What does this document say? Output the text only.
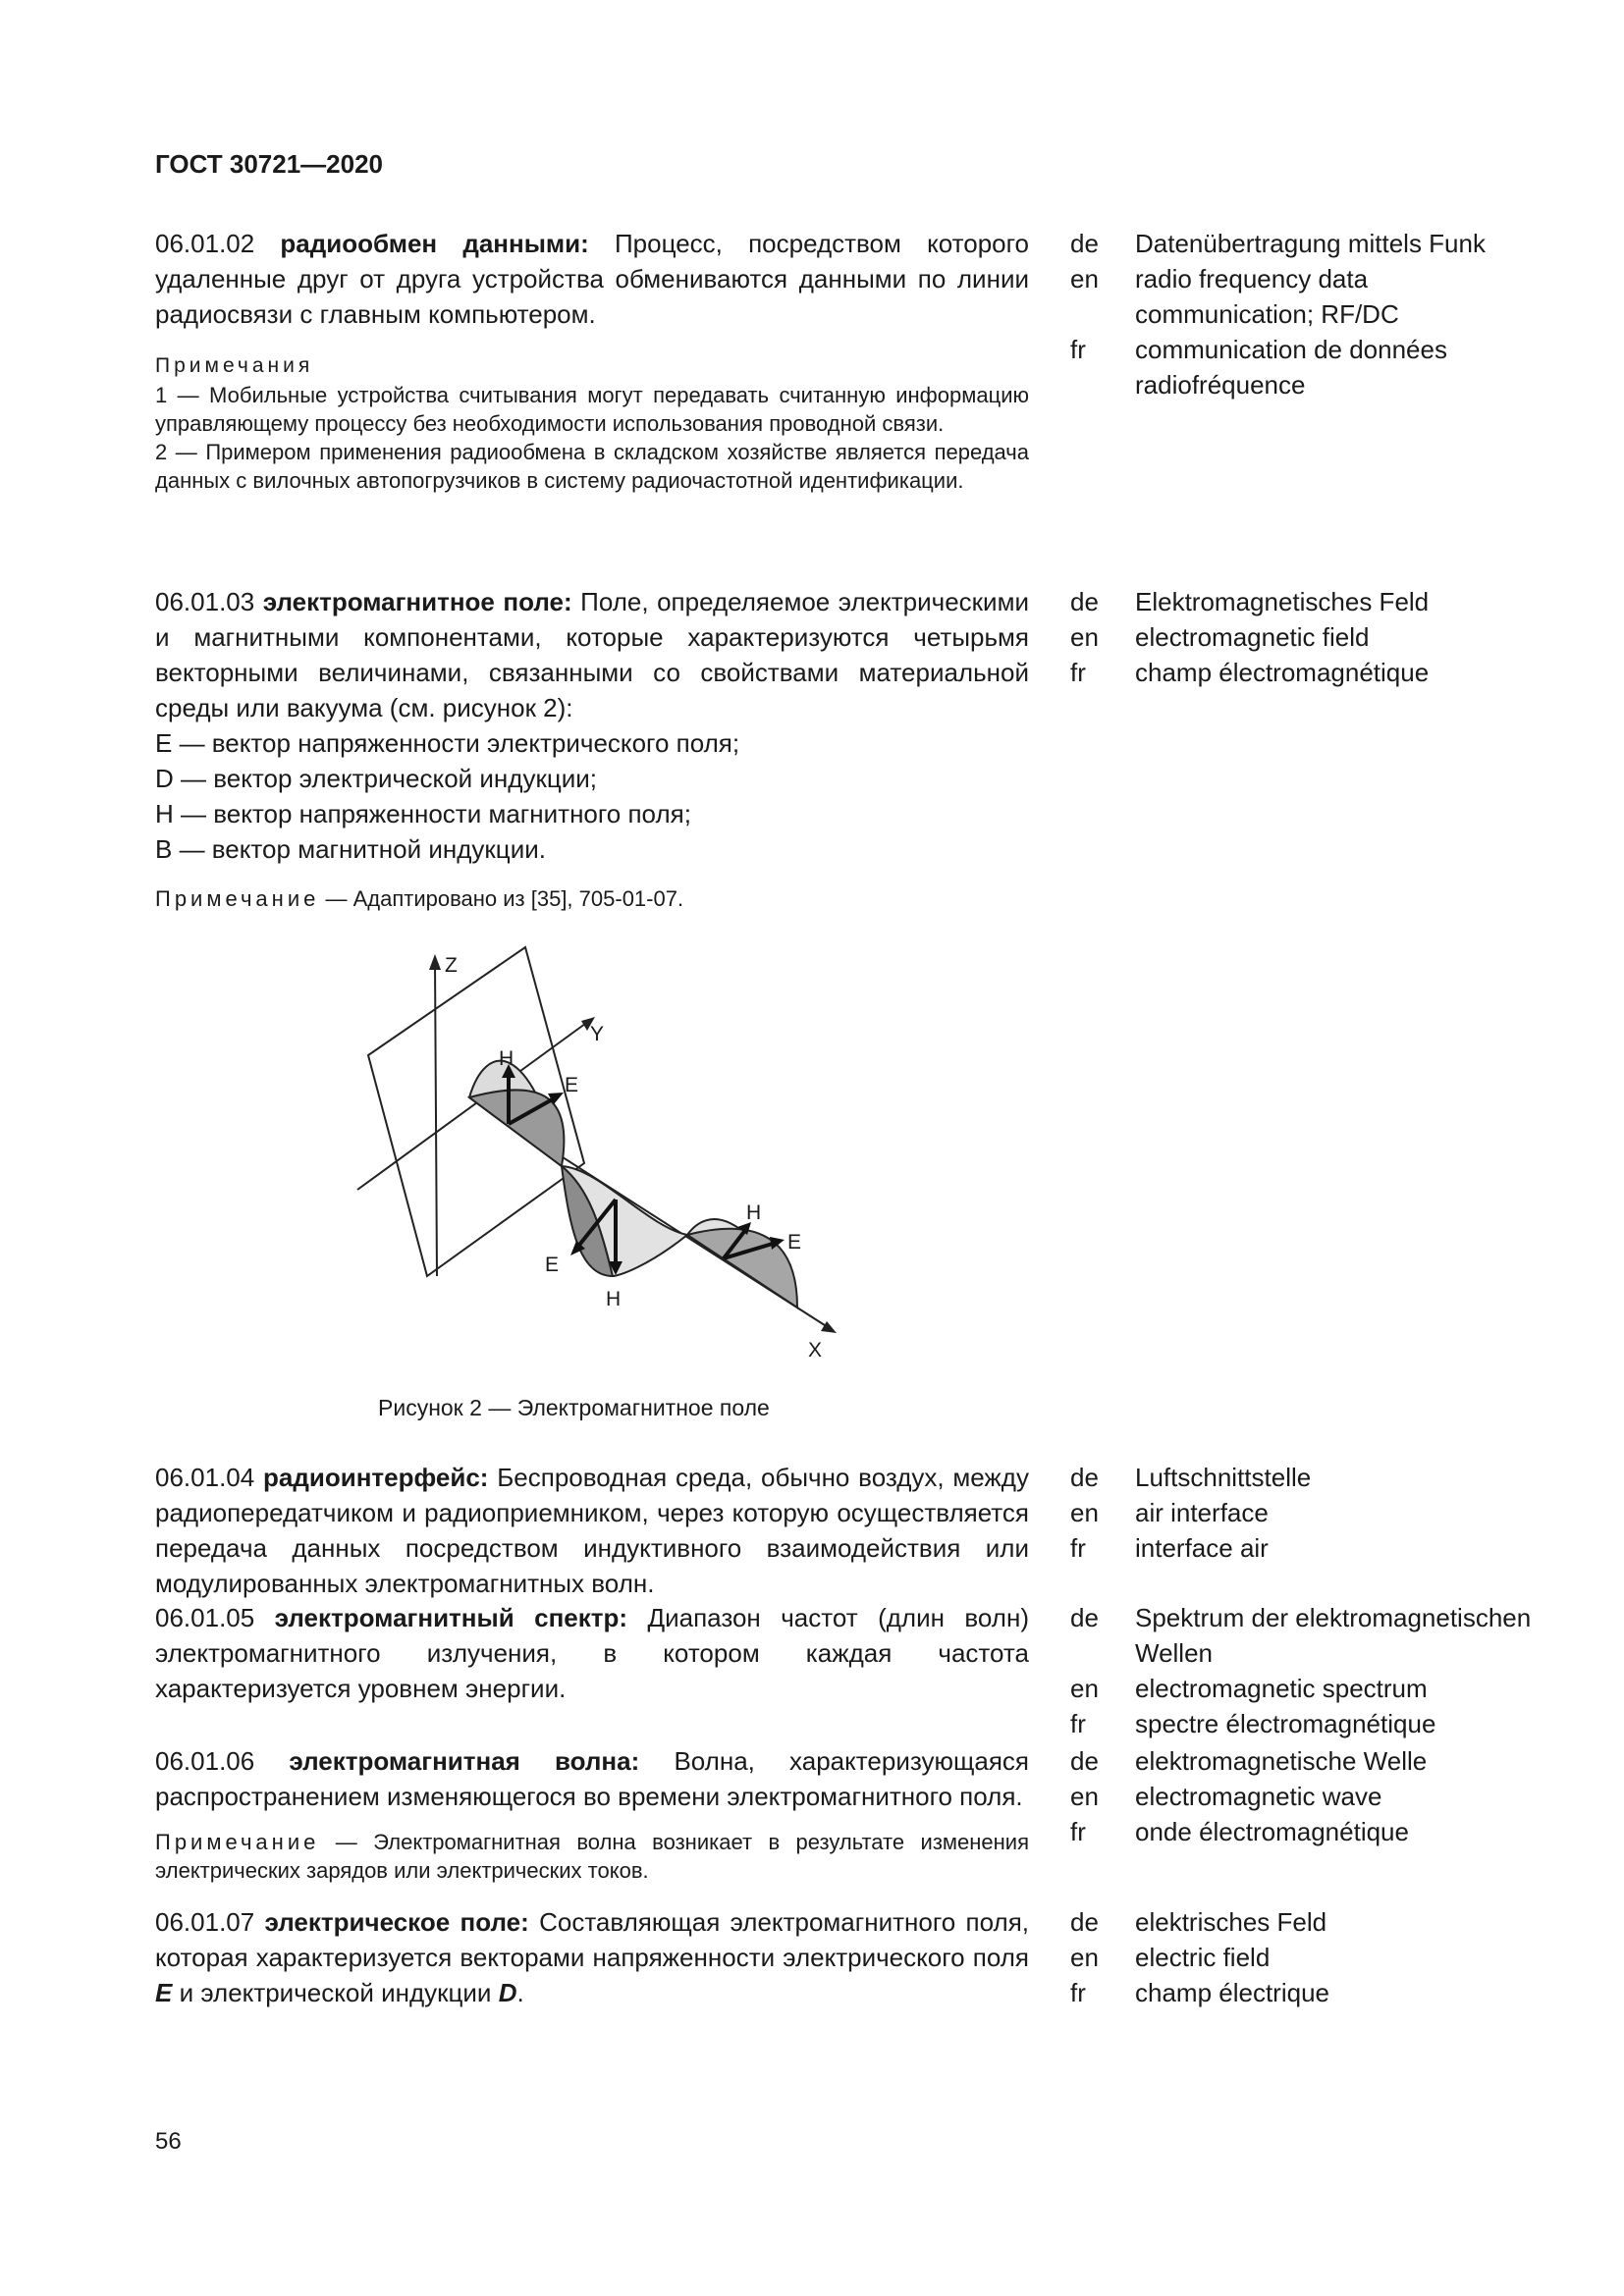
ГОСТ 30721—2020
06.01.02 радиообмен данными: Процесс, посредством которого удаленные друг от друга устройства обмениваются данными по линии радиосвязи с главным компьютером.
Примечания
1 — Мобильные устройства считывания могут передавать считанную информацию управляющему процессу без необходимости использования проводной связи.
2 — Примером применения радиообмена в складском хозяйстве является передача данных с вилочных автопогрузчиков в систему радиочастотной идентификации.
de	Datenübertragung mittels Funk
en	radio frequency data communication; RF/DC
fr	communication de données radiofréquence
06.01.03 электромагнитное поле: Поле, определяемое электрическими и магнитными компонентами, которые характеризуются четырьмя векторными величинами, связанными со свойствами материальной среды или вакуума (см. рисунок 2):
E — вектор напряженности электрического поля;
D — вектор электрической индукции;
H — вектор напряженности магнитного поля;
B — вектор магнитной индукции.
Примечание — Адаптировано из [35], 705-01-07.
de	Elektromagnetisches Feld
en	electromagnetic field
fr	champ électromagnétique
Z
Y
X
H
E
E
H
H
E
Рисунок 2 — Электромагнитное поле
06.01.04 радиоинтерфейс: Беспроводная среда, обычно воздух, между радиопередатчиком и радиоприемником, через которую осуществляется передача данных посредством индуктивного взаимодействия или модулированных электромагнитных волн.
de	Luftschnittstelle
en	air interface
fr	interface air
06.01.05 электромагнитный спектр: Диапазон частот (длин волн) электромагнитного излучения, в котором каждая частота характеризуется уровнем энергии.
de	Spektrum der elektromagnetischen Wellen
en	electromagnetic spectrum
fr	spectre électromagnétique
06.01.06 электромагнитная волна: Волна, характеризующаяся распространением изменяющегося во времени электромагнитного поля.
Примечание — Электромагнитная волна возникает в результате изменения электрических зарядов или электрических токов.
de	elektromagnetische Welle
en	electromagnetic wave
fr	onde électromagnétique
06.01.07 электрическое поле: Составляющая электромагнитного поля, которая характеризуется векторами напряженности электрического поля E и электрической индукции D.
de	elektrisches Feld
en	electric field
fr	champ électrique
56
